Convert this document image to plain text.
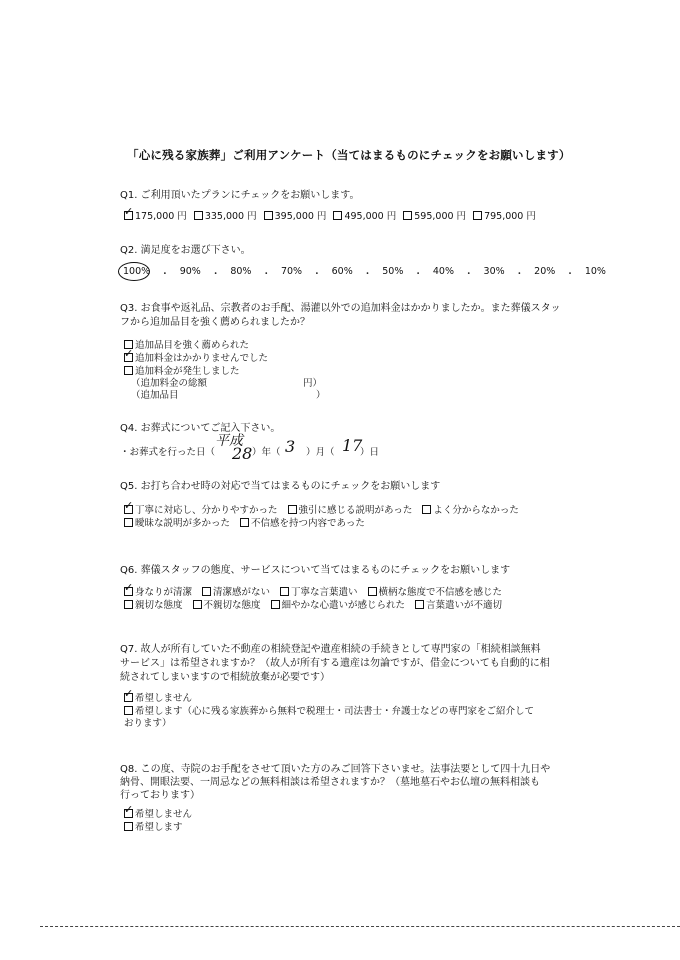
「心に残る家族葬」ご利用アンケート（当てはまるものにチェックをお願いします）
Q1. ご利用頂いたプランにチェックをお願いします。
✓ 175,000 円	335,000 円	395,000 円	495,000 円	595,000 円	795,000 円
Q2. 満足度をお選び下さい。
100% ・ 90% ・ 80% ・ 70% ・ 60% ・ 50% ・ 40% ・ 30% ・ 20% ・ 10%
Q3. お食事や返礼品、宗教者のお手配、湯灌以外での追加料金はかかりましたか。また葬儀スタッ
フから追加品目を強く薦められましたか？
追加品目を強く薦められた
✓ 追加料金はかかりませんでした
追加料金が発生しました
（追加料金の総額	円）
（追加品目	）
Q4. お葬式についてご記入下さい。
・お葬式を行った日（
平成
28 ）年（ 3 ）月（ 17
）日
Q5. お打ち合わせ時の対応で当てはまるものにチェックをお願いします
✓ 丁寧に対応し、分かりやすかった	強引に感じる説明があった	よく分からなかった
曖昧な説明が多かった	不信感を持つ内容であった
Q6. 葬儀スタッフの態度、サービスについて当てはまるものにチェックをお願いします
✓ 身なりが清潔	清潔感がない	丁寧な言葉遣い	横柄な態度で不信感を感じた
親切な態度	不親切な態度	細やかな心遣いが感じられた	言葉遣いが不適切
Q7. 故人が所有していた不動産の相続登記や遺産相続の手続きとして専門家の「相続相談無料
サービス」は希望されますか？（故人が所有する遺産は勿論ですが、借金についても自動的に相
続されてしまいますので相続放棄が必要です）
✓ 希望しません
希望します（心に残る家族葬から無料で税理士・司法書士・弁護士などの専門家をご紹介して
おります）
Q8. この度、寺院のお手配をさせて頂いた方のみご回答下さいませ。法事法要として四十九日や
納骨、開眼法要、一周忌などの無料相談は希望されますか？（墓地墓石やお仏壇の無料相談も
行っております）
✓ 希望しません
希望します
